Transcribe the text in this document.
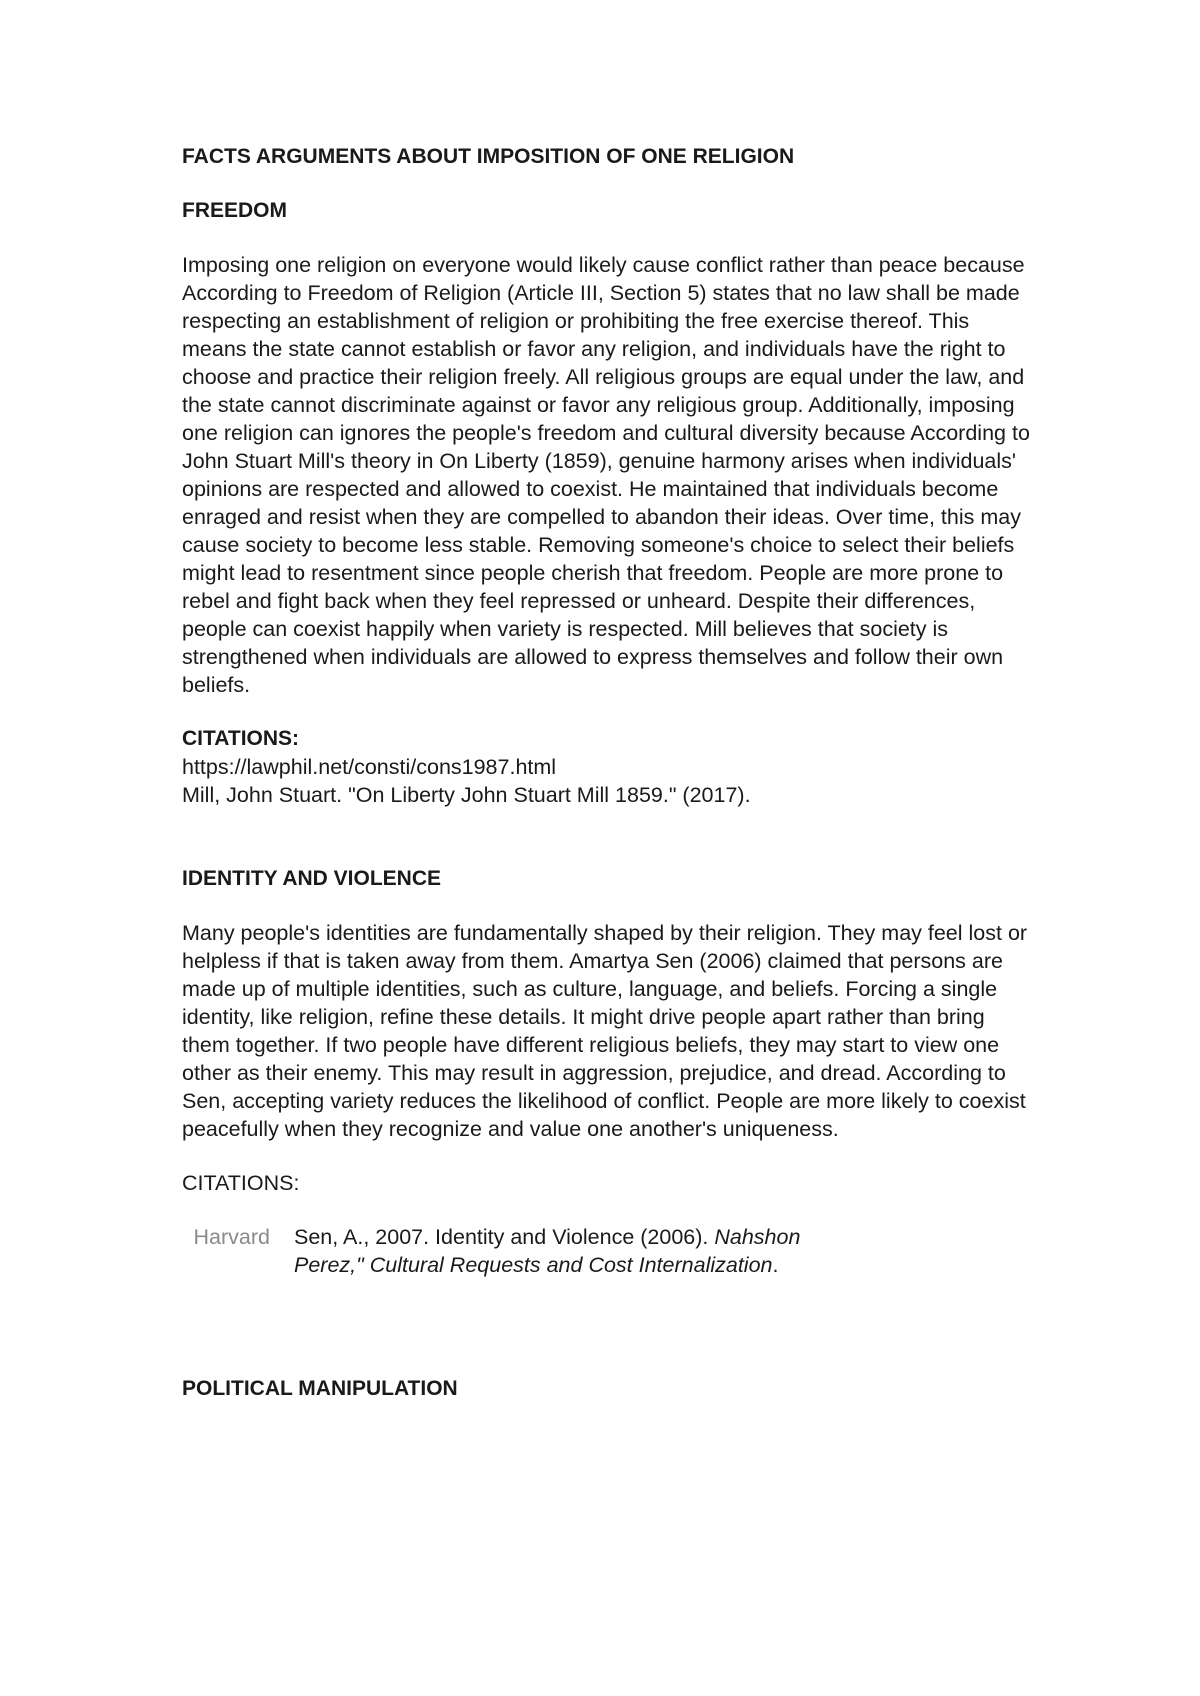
FACTS ARGUMENTS ABOUT IMPOSITION OF ONE RELIGION
FREEDOM

Imposing one religion on everyone would likely cause conflict rather than peace because According to Freedom of Religion (Article III, Section 5) states that no law shall be made respecting an establishment of religion or prohibiting the free exercise thereof. This means the state cannot establish or favor any religion, and individuals have the right to choose and practice their religion freely. All religious groups are equal under the law, and the state cannot discriminate against or favor any religious group. Additionally, imposing one religion can ignores the people's freedom and cultural diversity because According to John Stuart Mill's theory in On Liberty (1859), genuine harmony arises when individuals' opinions are respected and allowed to coexist. He maintained that individuals become enraged and resist when they are compelled to abandon their ideas. Over time, this may cause society to become less stable. Removing someone's choice to select their beliefs might lead to resentment since people cherish that freedom. People are more prone to rebel and fight back when they feel repressed or unheard. Despite their differences, people can coexist happily when variety is respected. Mill believes that society is strengthened when individuals are allowed to express themselves and follow their own beliefs.

CITATIONS:
https://lawphil.net/consti/cons1987.html
Mill, John Stuart. "On Liberty John Stuart Mill 1859." (2017).
IDENTITY AND VIOLENCE

Many people's identities are fundamentally shaped by their religion. They may feel lost or helpless if that is taken away from them. Amartya Sen (2006) claimed that persons are made up of multiple identities, such as culture, language, and beliefs. Forcing a single identity, like religion, refine these details. It might drive people apart rather than bring them together. If two people have different religious beliefs, they may start to view one other as their enemy. This may result in aggression, prejudice, and dread. According to Sen, accepting variety reduces the likelihood of conflict. People are more likely to coexist peacefully when they recognize and value one another's uniqueness.

CITATIONS:
Harvard Sen, A., 2007. Identity and Violence (2006). Nahshon Perez," Cultural Requests and Cost Internalization.
POLITICAL MANIPULATION
